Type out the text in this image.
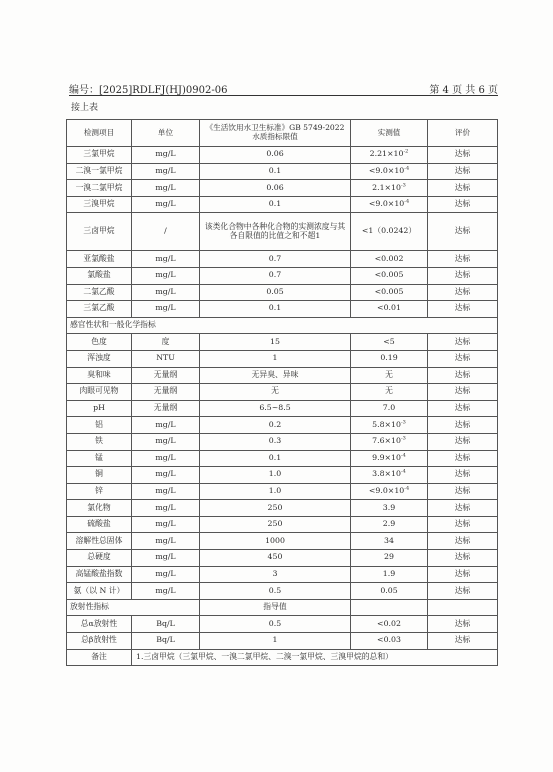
编号：[2025]RDLFJ(HJ)0902-06	第 4 页 共 6 页
接上表
检测项目	单位	《生活饮用水卫生标准》GB 5749-2022 水质指标限值	实测值	评价
三氯甲烷	mg/L	0.06	$2.21\times 10^{-2}$	达标
二溴一氯甲烷	mg/L	0.1	$<9.0\times 10^{-4}$	达标
一溴二氯甲烷	mg/L	0.06	$2.1\times 10^{-3}$	达标
三溴甲烷	mg/L	0.1	$<9.0\times 10^{-4}$	达标
三卤甲烷	/	该类化合物中各种化合物的实测浓度与其各自限值的比值之和不超1	<1（0.0242）	达标
亚氯酸盐	mg/L	0.7	<0.002	达标
氯酸盐	mg/L	0.7	<0.005	达标
二氯乙酸	mg/L	0.05	<0.005	达标
三氯乙酸	mg/L	0.1	<0.01	达标
感官性状和一般化学指标				
色度	度	15	<5	达标
浑浊度	NTU	1	0.19	达标
臭和味	无量纲	无异臭、异味	无	达标
肉眼可见物	无量纲	无	无	达标
pH	无量纲	6.5~8.5	7.0	达标
铝	mg/L	0.2	$5.8\times 10^{-3}$	达标
铁	mg/L	0.3	$7.6\times 10^{-3}$	达标
锰	mg/L	0.1	$9.9\times 10^{-4}$	达标
铜	mg/L	1.0	$3.8\times 10^{-4}$	达标
锌	mg/L	1.0	$<9.0\times 10^{-4}$	达标
氯化物	mg/L	250	3.9	达标
硫酸盐	mg/L	250	2.9	达标
溶解性总固体	mg/L	1000	34	达标
总硬度	mg/L	450	29	达标
高锰酸盐指数	mg/L	3	1.9	达标
氨（以 N 计）	mg/L	0.5	0.05	达标
放射性指标		指导值		
总α放射性	Bq/L	0.5	<0.02	达标
总β放射性	Bq/L	1	<0.03	达标
备注	1.三卤甲烷（三氯甲烷、一溴二氯甲烷、二溴一氯甲烷、三溴甲烷的总和）			
